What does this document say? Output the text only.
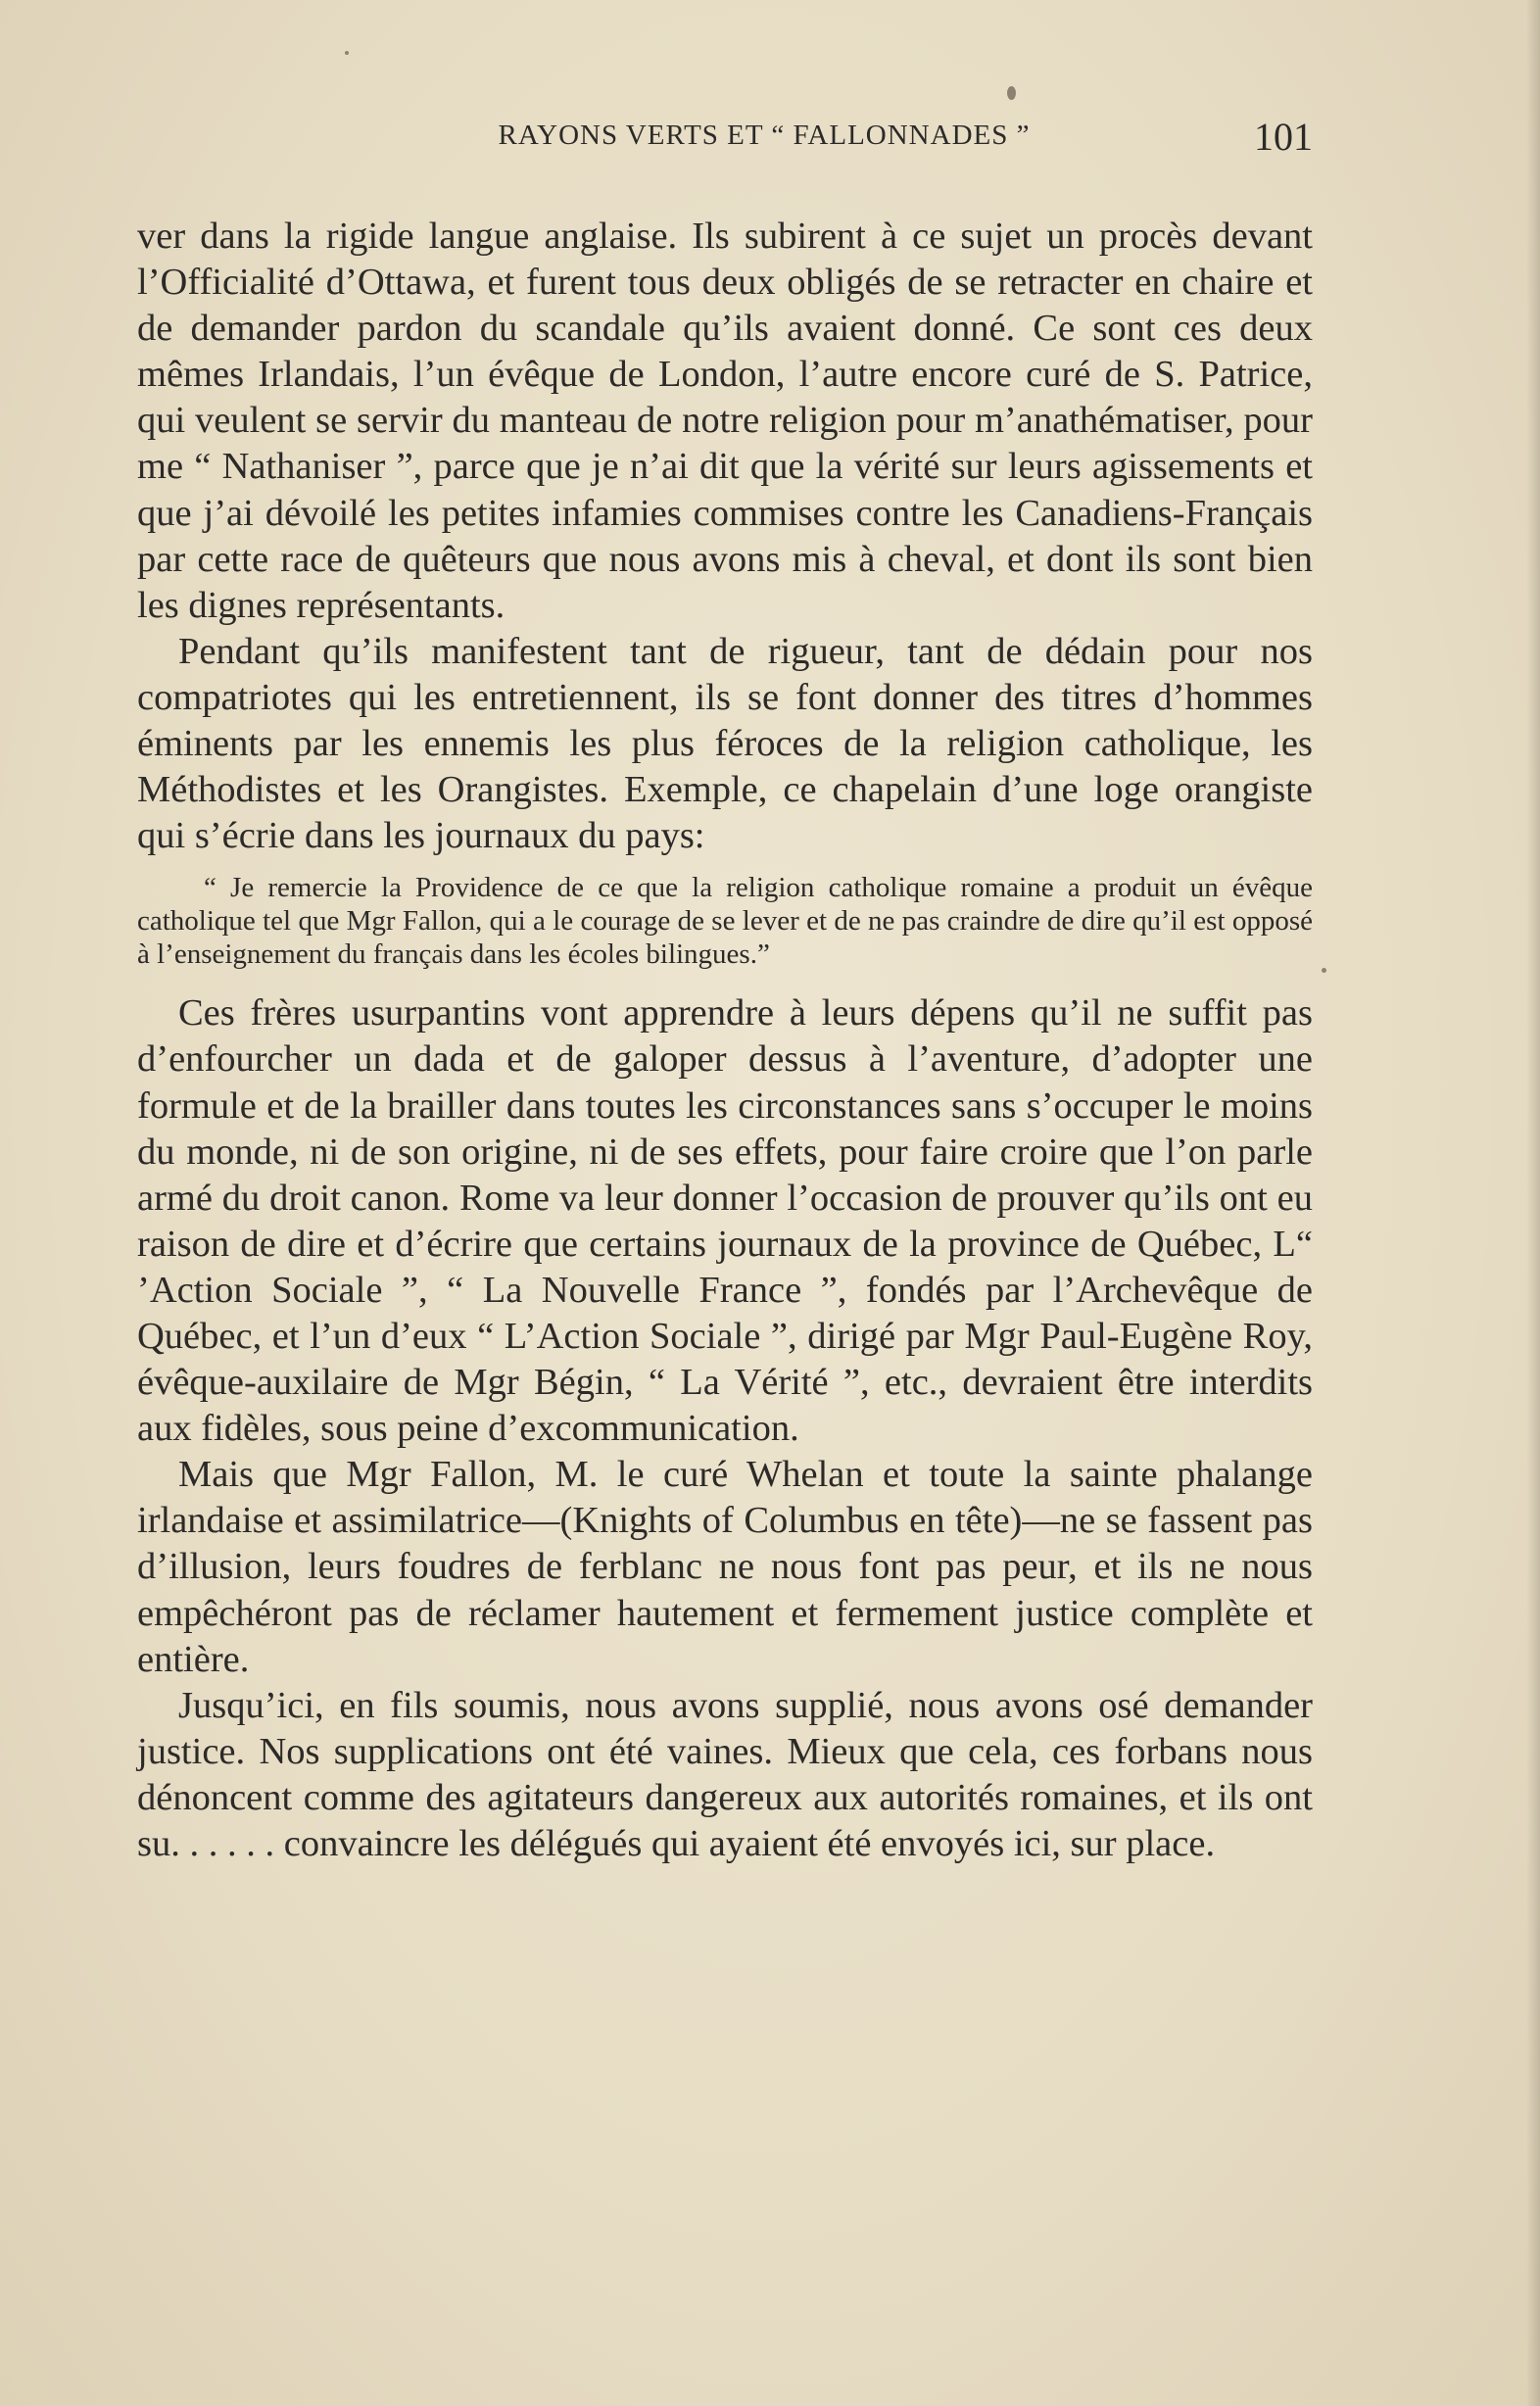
RAYONS VERTS ET “ FALLONNADES ”	101

ver dans la rigide langue anglaise. Ils subirent à ce sujet un procès devant l’Officialité d’Ottawa, et furent tous deux obligés de se retracter en chaire et de demander pardon du scandale qu’ils avaient donné. Ce sont ces deux mêmes Irlandais, l’un évêque de London, l’autre encore curé de S. Patrice, qui veulent se servir du manteau de notre religion pour m’anathématiser, pour me “ Nathaniser ”, parce que je n’ai dit que la vérité sur leurs agissements et que j’ai dévoilé les petites infamies commises contre les Canadiens-Français par cette race de quêteurs que nous avons mis à cheval, et dont ils sont bien les dignes représentants.

Pendant qu’ils manifestent tant de rigueur, tant de dédain pour nos compatriotes qui les entretiennent, ils se font donner des titres d’hommes éminents par les ennemis les plus féroces de la religion catholique, les Méthodistes et les Orangistes. Exemple, ce chapelain d’une loge orangiste qui s’écrie dans les journaux du pays:

“ Je remercie la Providence de ce que la religion catholique romaine a produit un évêque catholique tel que Mgr Fallon, qui a le courage de se lever et de ne pas craindre de dire qu’il est opposé à l’enseignement du français dans les écoles bilingues.”

Ces frères usurpantins vont apprendre à leurs dépens qu’il ne suffit pas d’enfourcher un dada et de galoper dessus à l’aventure, d’adopter une formule et de la brailler dans toutes les circonstances sans s’occuper le moins du monde, ni de son origine, ni de ses effets, pour faire croire que l’on parle armé du droit canon. Rome va leur donner l’occasion de prouver qu’ils ont eu raison de dire et d’écrire que certains journaux de la province de Québec, L“ ’Action Sociale ”, “ La Nouvelle France ”, fondés par l’Archevêque de Québec, et l’un d’eux “ L’Action Sociale ”, dirigé par Mgr Paul-Eugène Roy, évêque-auxilaire de Mgr Bégin, “ La Vérité ”, etc., devraient être interdits aux fidèles, sous peine d’excommunication.

Mais que Mgr Fallon, M. le curé Whelan et toute la sainte phalange irlandaise et assimilatrice—(Knights of Columbus en tête)—ne se fassent pas d’illusion, leurs foudres de ferblanc ne nous font pas peur, et ils ne nous empêchéront pas de réclamer hautement et fermement justice complète et entière.

Jusqu’ici, en fils soumis, nous avons supplié, nous avons osé demander justice. Nos supplications ont été vaines. Mieux que cela, ces forbans nous dénoncent comme des agitateurs dangereux aux autorités romaines, et ils ont su. . . . . . convaincre les délégués qui ayaient été envoyés ici, sur place.
